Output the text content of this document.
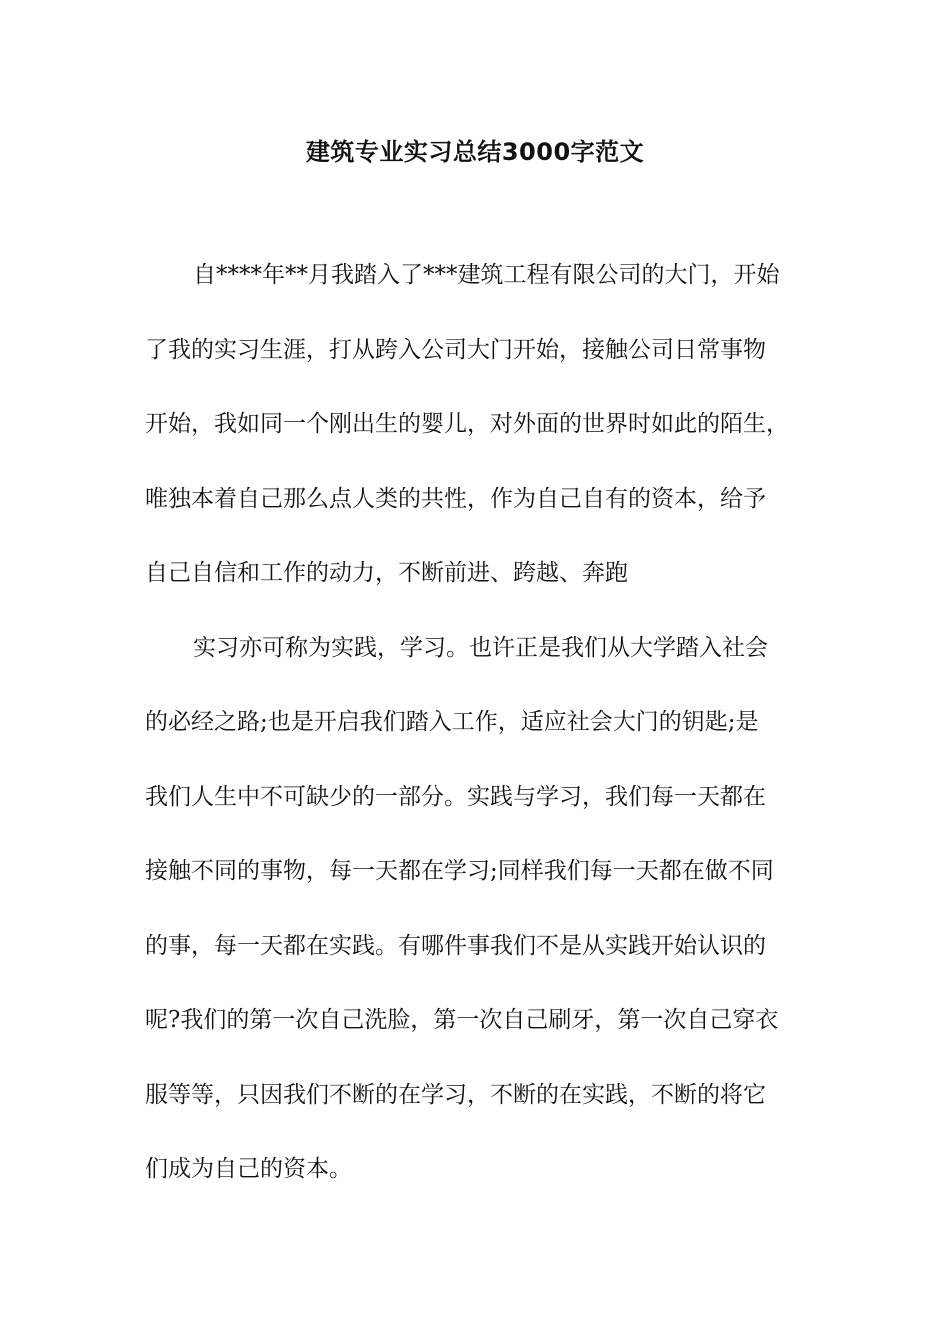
建筑专业实习总结3000字范文
自****年**月我踏入了***建筑工程有限公司的大门，开始
了我的实习生涯，打从跨入公司大门开始，接触公司日常事物
开始，我如同一个刚出生的婴儿，对外面的世界时如此的陌生，
唯独本着自己那么点人类的共性，作为自己自有的资本，给予
自己自信和工作的动力，不断前进、跨越、奔跑
实习亦可称为实践，学习。也许正是我们从大学踏入社会
的必经之路;也是开启我们踏入工作，适应社会大门的钥匙;是
我们人生中不可缺少的一部分。实践与学习，我们每一天都在
接触不同的事物，每一天都在学习;同样我们每一天都在做不同
的事，每一天都在实践。有哪件事我们不是从实践开始认识的
呢?我们的第一次自己洗脸，第一次自己刷牙，第一次自己穿衣
服等等，只因我们不断的在学习，不断的在实践，不断的将它
们成为自己的资本。
